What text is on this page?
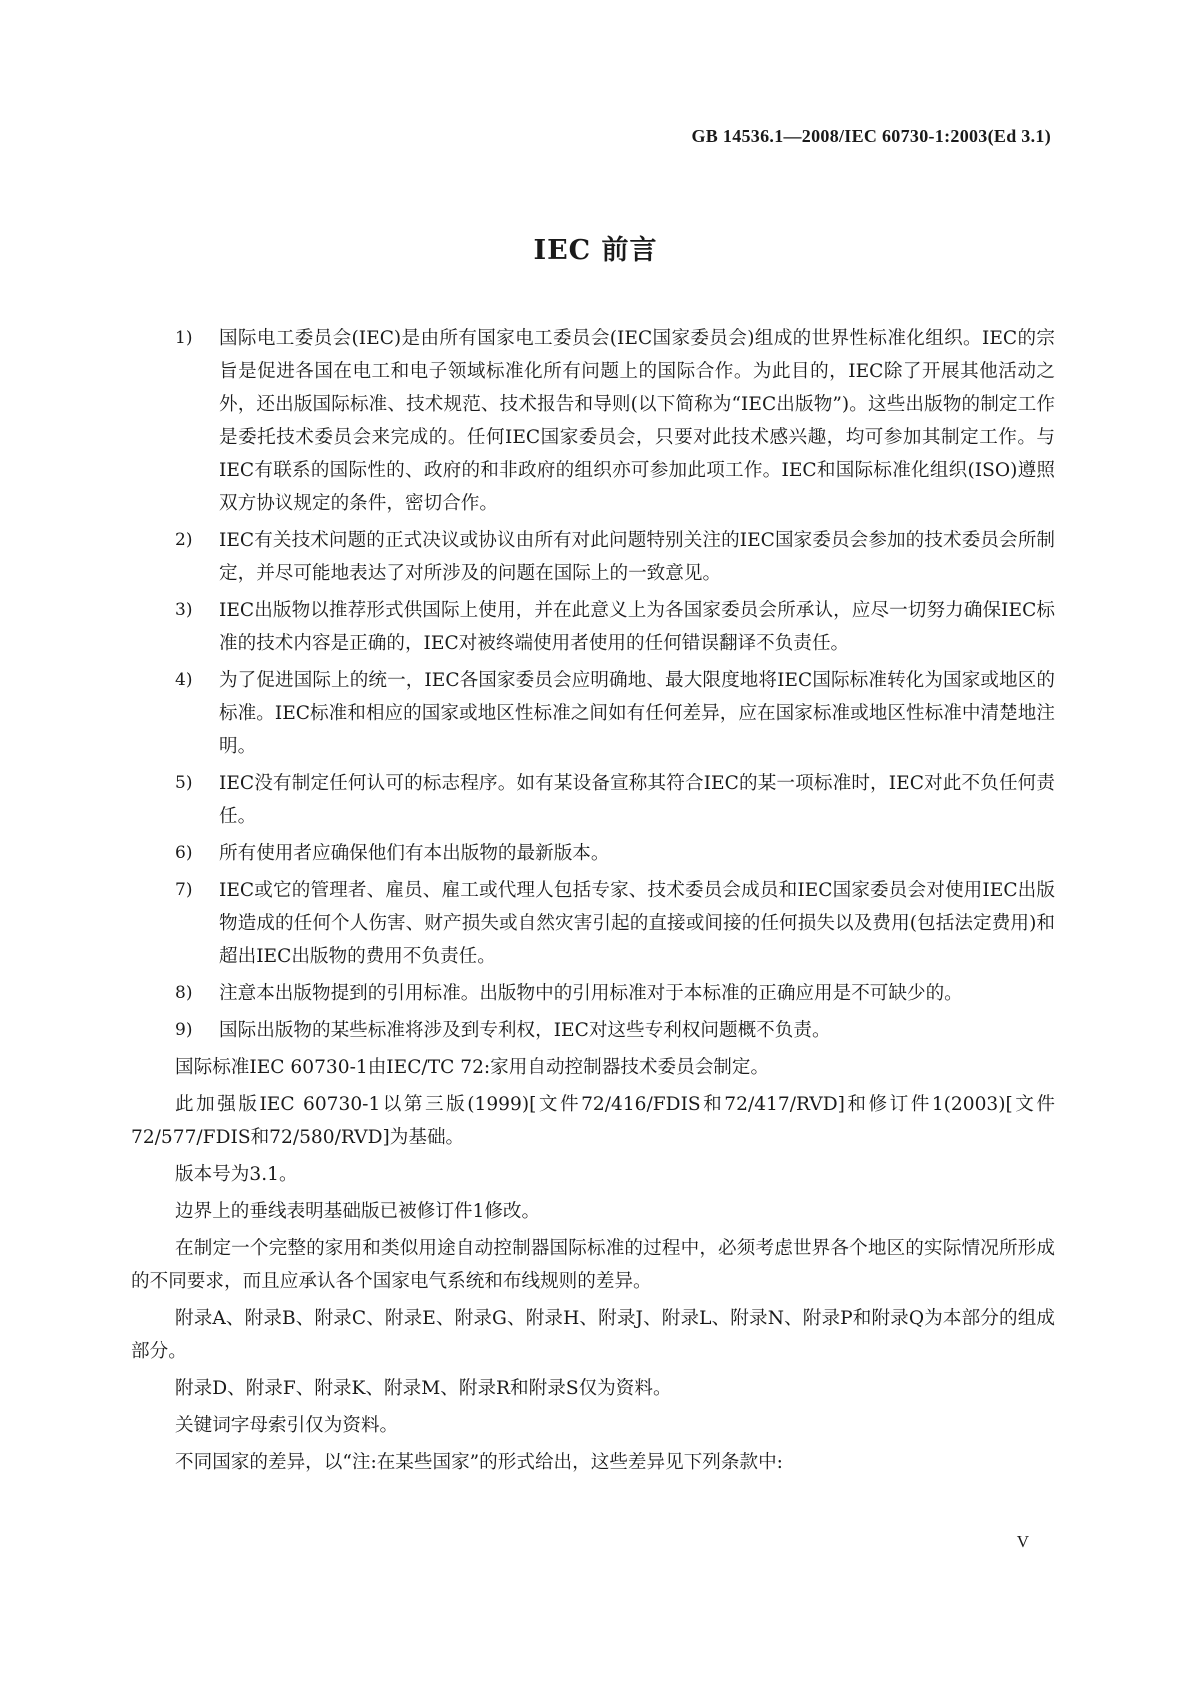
GB 14536.1—2008/IEC 60730-1:2003(Ed 3.1)
IEC 前言
1) 国际电工委员会(IEC)是由所有国家电工委员会(IEC国家委员会)组成的世界性标准化组织。IEC的宗旨是促进各国在电工和电子领域标准化所有问题上的国际合作。为此目的，IEC除了开展其他活动之外，还出版国际标准、技术规范、技术报告和导则(以下简称为“IEC出版物”)。这些出版物的制定工作是委托技术委员会来完成的。任何IEC国家委员会，只要对此技术感兴趣，均可参加其制定工作。与IEC有联系的国际性的、政府的和非政府的组织亦可参加此项工作。IEC和国际标准化组织(ISO)遵照双方协议规定的条件，密切合作。
2) IEC有关技术问题的正式决议或协议由所有对此问题特别关注的IEC国家委员会参加的技术委员会所制定，并尽可能地表达了对所涉及的问题在国际上的一致意见。
3) IEC出版物以推荐形式供国际上使用，并在此意义上为各国家委员会所承认，应尽一切努力确保IEC标准的技术内容是正确的，IEC对被终端使用者使用的任何错误翻译不负责任。
4) 为了促进国际上的统一，IEC各国家委员会应明确地、最大限度地将IEC国际标准转化为国家或地区的标准。IEC标准和相应的国家或地区性标准之间如有任何差异，应在国家标准或地区性标准中清楚地注明。
5) IEC没有制定任何认可的标志程序。如有某设备宣称其符合IEC的某一项标准时，IEC对此不负任何责任。
6) 所有使用者应确保他们有本出版物的最新版本。
7) IEC或它的管理者、雇员、雇工或代理人包括专家、技术委员会成员和IEC国家委员会对使用IEC出版物造成的任何个人伤害、财产损失或自然灾害引起的直接或间接的任何损失以及费用(包括法定费用)和超出IEC出版物的费用不负责任。
8) 注意本出版物提到的引用标准。出版物中的引用标准对于本标准的正确应用是不可缺少的。
9) 国际出版物的某些标准将涉及到专利权，IEC对这些专利权问题概不负责。
国际标准IEC 60730-1由IEC/TC 72:家用自动控制器技术委员会制定。
此加强版IEC 60730-1以第三版(1999)[文件72/416/FDIS和72/417/RVD]和修订件1(2003)[文件72/577/FDIS和72/580/RVD]为基础。
版本号为3.1。
边界上的垂线表明基础版已被修订件1修改。
在制定一个完整的家用和类似用途自动控制器国际标准的过程中，必须考虑世界各个地区的实际情况所形成的不同要求，而且应承认各个国家电气系统和布线规则的差异。
附录A、附录B、附录C、附录E、附录G、附录H、附录J、附录L、附录N、附录P和附录Q为本部分的组成部分。
附录D、附录F、附录K、附录M、附录R和附录S仅为资料。
关键词字母索引仅为资料。
不同国家的差异，以“注:在某些国家”的形式给出，这些差异见下列条款中:
V
